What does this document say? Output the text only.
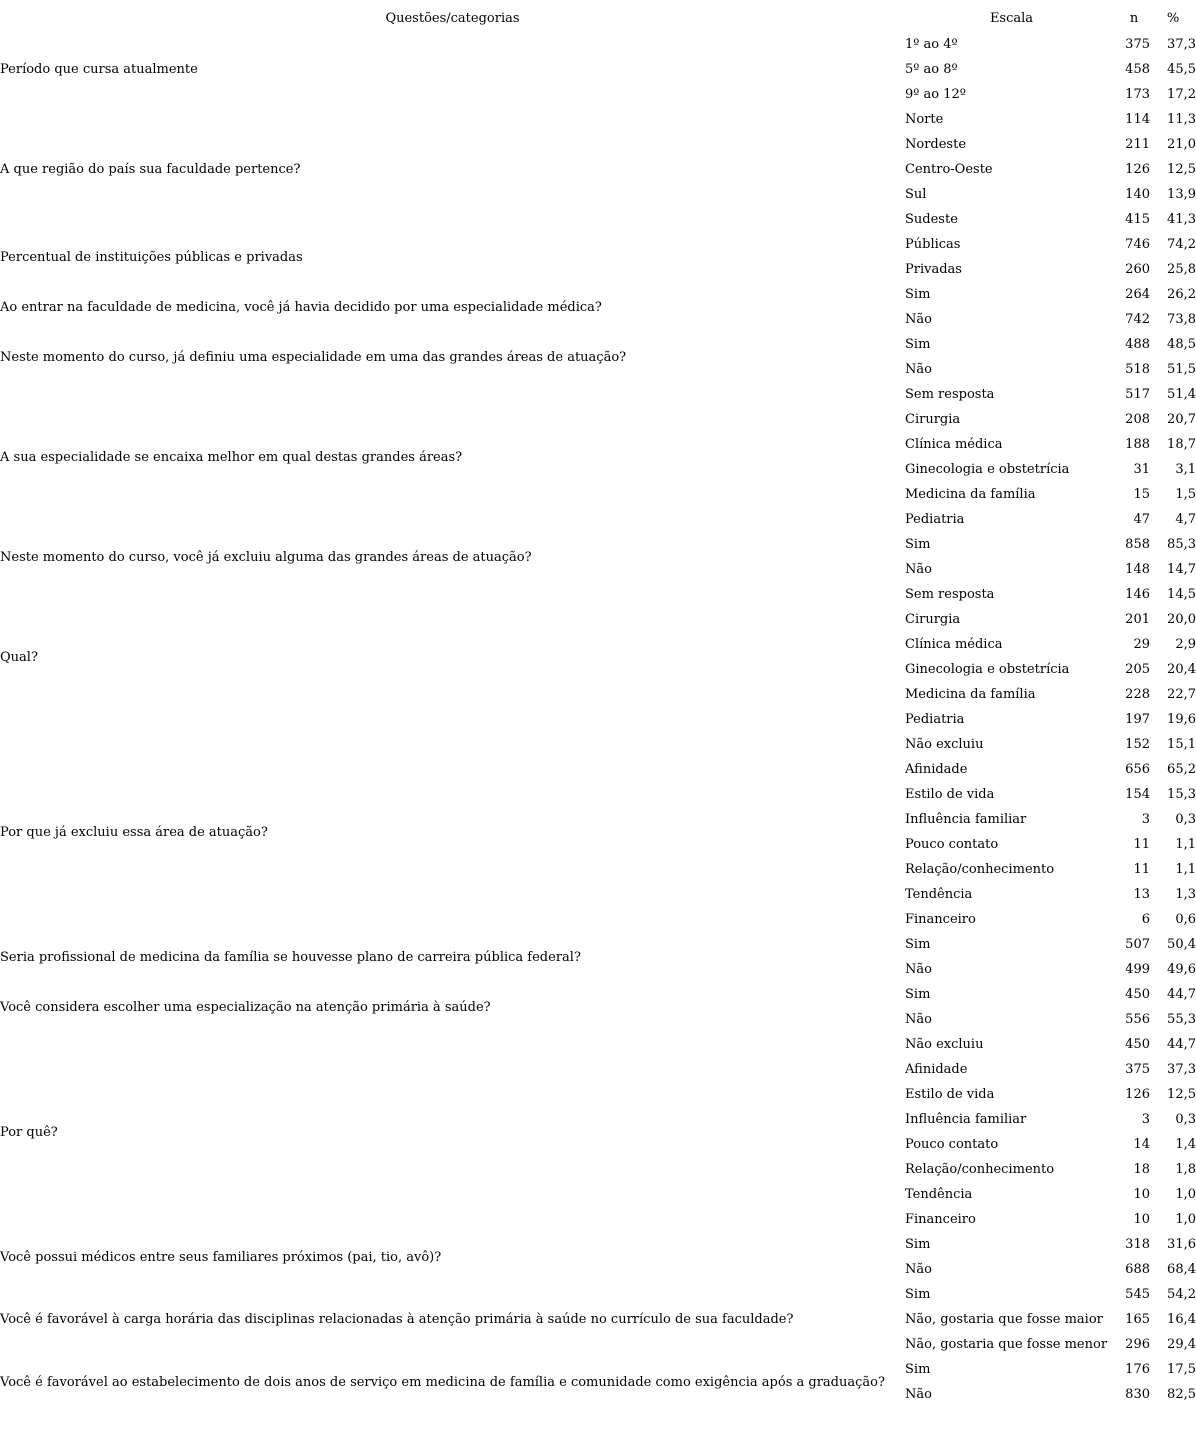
Questões/categorias	Escala	n	%
Período que cursa atualmente	1º ao 4º	375	37,3
	5º ao 8º	458	45,5
	9º ao 12º	173	17,2
A que região do país sua faculdade pertence?	Norte	114	11,3
	Nordeste	211	21,0
	Centro-Oeste	126	12,5
	Sul	140	13,9
	Sudeste	415	41,3
Percentual de instituições públicas e privadas	Públicas	746	74,2
	Privadas	260	25,8
Ao entrar na faculdade de medicina, você já havia decidido por uma especialidade médica?	Sim	264	26,2
	Não	742	73,8
Neste momento do curso, já definiu uma especialidade em uma das grandes áreas de atuação?	Sim	488	48,5
	Não	518	51,5
A sua especialidade se encaixa melhor em qual destas grandes áreas?	Sem resposta	517	51,4
	Cirurgia	208	20,7
	Clínica médica	188	18,7
	Ginecologia e obstetrícia	31	3,1
	Medicina da família	15	1,5
	Pediatria	47	4,7
Neste momento do curso, você já excluiu alguma das grandes áreas de atuação?	Sim	858	85,3
	Não	148	14,7
Qual?	Sem resposta	146	14,5
	Cirurgia	201	20,0
	Clínica médica	29	2,9
	Ginecologia e obstetrícia	205	20,4
	Medicina da família	228	22,7
	Pediatria	197	19,6
Por que já excluiu essa área de atuação?	Não excluiu	152	15,1
	Afinidade	656	65,2
	Estilo de vida	154	15,3
	Influência familiar	3	0,3
	Pouco contato	11	1,1
	Relação/conhecimento	11	1,1
	Tendência	13	1,3
	Financeiro	6	0,6
Seria profissional de medicina da família se houvesse plano de carreira pública federal?	Sim	507	50,4
	Não	499	49,6
Você considera escolher uma especialização na atenção primária à saúde?	Sim	450	44,7
	Não	556	55,3
Por quê?	Não excluiu	450	44,7
	Afinidade	375	37,3
	Estilo de vida	126	12,5
	Influência familiar	3	0,3
	Pouco contato	14	1,4
	Relação/conhecimento	18	1,8
	Tendência	10	1,0
	Financeiro	10	1,0
Você possui médicos entre seus familiares próximos (pai, tio, avô)?	Sim	318	31,6
	Não	688	68,4
Você é favorável à carga horária das disciplinas relacionadas à atenção primária à saúde no currículo de sua faculdade?	Sim	545	54,2
	Não, gostaria que fosse maior	165	16,4
	Não, gostaria que fosse menor	296	29,4
Você é favorável ao estabelecimento de dois anos de serviço em medicina de família e comunidade como exigência após a graduação?	Sim	176	17,5
	Não	830	82,5
